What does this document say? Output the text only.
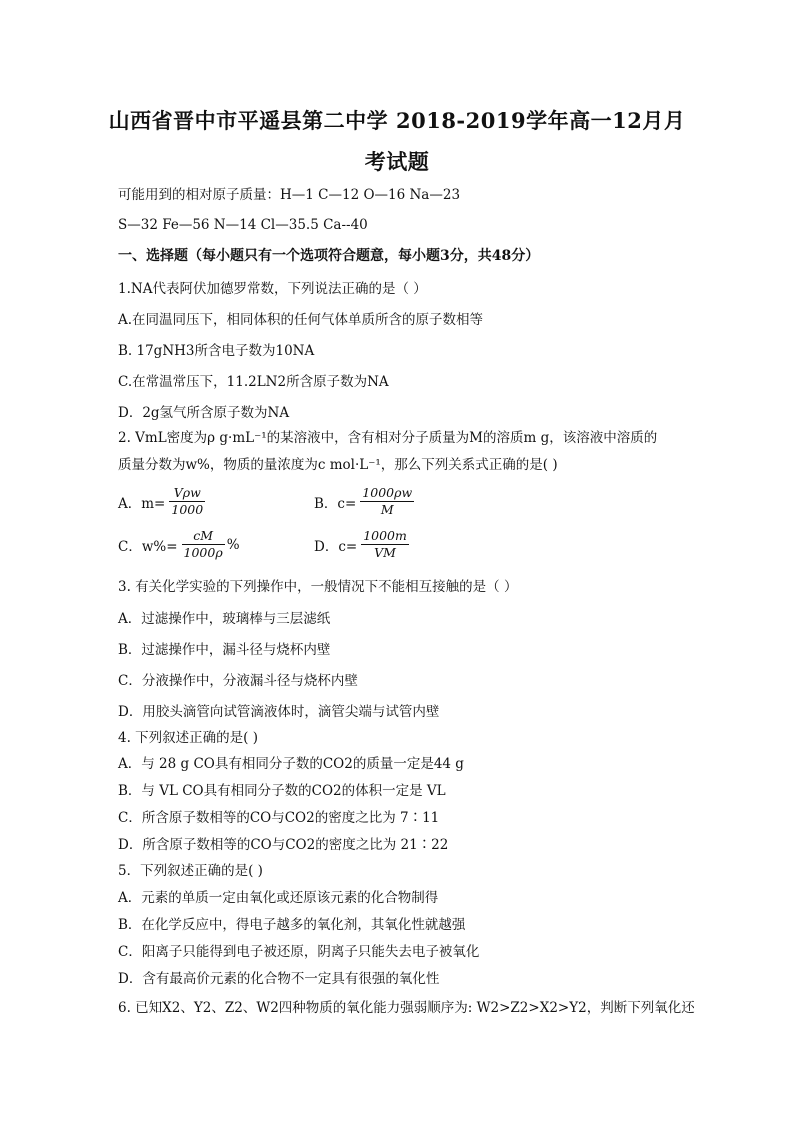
山西省晋中市平遥县第二中学 2018-2019学年高一12月月
考试题
可能用到的相对原子质量：H—1 C—12 O—16 Na—23
S—32 Fe—56 N—14 Cl—35.5 Ca--40
一、选择题（每小题只有一个选项符合题意，每小题3分，共48分）
1.NA代表阿伏加德罗常数，下列说法正确的是（ ）
A.在同温同压下，相同体积的任何气体单质所含的原子数相等
B. 17gNH3所含电子数为10NA
C.在常温常压下，11.2LN2所含原子数为NA
D．2g氢气所含原子数为NA
2. VmL密度为ρ g·mL⁻¹的某溶液中，含有相对分子质量为M的溶质m g，该溶液中溶质的
质量分数为w%，物质的量浓度为c mol·L⁻¹，那么下列关系式正确的是( )
A．$m= \frac{\text{Vρw}}{1000}$	B．$c= \frac{1000\rho w}{M}$
C．$w\%= \frac{cM}{1000\rho}$ %	D．$c= \frac{1000m}{VM}$
3. 有关化学实验的下列操作中，一般情况下不能相互接触的是（ ）
A．过滤操作中，玻璃棒与三层滤纸
B．过滤操作中，漏斗径与烧杯内壁
C．分液操作中，分液漏斗径与烧杯内壁
D．用胶头滴管向试管滴液体时，滴管尖端与试管内壁
4. 下列叙述正确的是( )
A．与 28 g CO具有相同分子数的CO2的质量一定是44 g
B．与 VL CO具有相同分子数的CO2的体积一定是 VL
C．所含原子数相等的CO与CO2的密度之比为 7∶11
D．所含原子数相等的CO与CO2的密度之比为 21∶22
5．下列叙述正确的是( )
A．元素的单质一定由氧化或还原该元素的化合物制得
B．在化学反应中，得电子越多的氧化剂，其氧化性就越强
C．阳离子只能得到电子被还原，阴离子只能失去电子被氧化
D．含有最高价元素的化合物不一定具有很强的氧化性
6. 已知X2、Y2、Z2、W2四种物质的氧化能力强弱顺序为: W2>Z2>X2>Y2，判断下列氧化还
